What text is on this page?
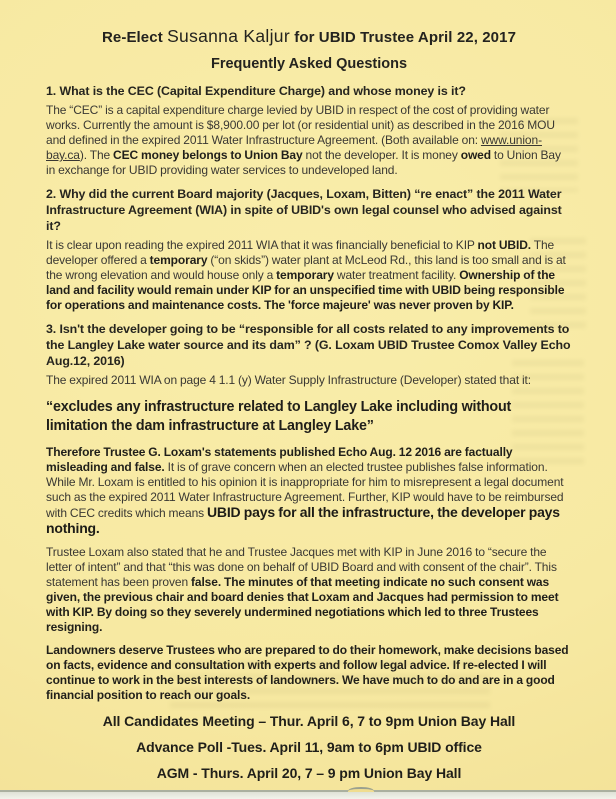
Re-Elect Susanna Kaljur for UBID Trustee April 22, 2017
Frequently Asked Questions
1. What is the CEC (Capital Expenditure Charge) and whose money is it?

The “CEC” is a capital expenditure charge levied by UBID in respect of the cost of providing water works. Currently the amount is $8,900.00 per lot (or residential unit) as described in the 2016 MOU and defined in the expired 2011 Water Infrastructure Agreement. (Both available on: www.union-bay.ca). The CEC money belongs to Union Bay not the developer. It is money owed to Union Bay in exchange for UBID providing water services to undeveloped land.

2. Why did the current Board majority (Jacques, Loxam, Bitten) “re enact” the 2011 Water Infrastructure Agreement (WIA) in spite of UBID's own legal counsel who advised against it?

It is clear upon reading the expired 2011 WIA that it was financially beneficial to KIP not UBID. The developer offered a temporary (“on skids”) water plant at McLeod Rd., this land is too small and is at the wrong elevation and would house only a temporary water treatment facility. Ownership of the land and facility would remain under KIP for an unspecified time with UBID being responsible for operations and maintenance costs. The 'force majeure' was never proven by KIP.

3. Isn't the developer going to be “responsible for all costs related to any improvements to the Langley Lake water source and its dam” ? (G. Loxam UBID Trustee Comox Valley Echo Aug.12, 2016)

The expired 2011 WIA on page 4 1.1 (y) Water Supply Infrastructure (Developer) stated that it:

“excludes any infrastructure related to Langley Lake including without limitation the dam infrastructure at Langley Lake”

Therefore Trustee G. Loxam's statements published Echo Aug. 12 2016 are factually misleading and false. It is of grave concern when an elected trustee publishes false information. While Mr. Loxam is entitled to his opinion it is inappropriate for him to misrepresent a legal document such as the expired 2011 Water Infrastructure Agreement. Further, KIP would have to be reimbursed with CEC credits which means UBID pays for all the infrastructure, the developer pays nothing.

Trustee Loxam also stated that he and Trustee Jacques met with KIP in June 2016 to “secure the letter of intent” and that “this was done on behalf of UBID Board and with consent of the chair”. This statement has been proven false. The minutes of that meeting indicate no such consent was given, the previous chair and board denies that Loxam and Jacques had permission to meet with KIP. By doing so they severely undermined negotiations which led to three Trustees resigning.

Landowners deserve Trustees who are prepared to do their homework, make decisions based on facts, evidence and consultation with experts and follow legal advice. If re-elected I will continue to work in the best interests of landowners. We have much to do and are in a good financial position to reach our goals.

All Candidates Meeting – Thur. April 6, 7 to 9pm Union Bay Hall
Advance Poll -Tues. April 11, 9am to 6pm UBID office
AGM - Thurs. April 20, 7 – 9 pm Union Bay Hall
